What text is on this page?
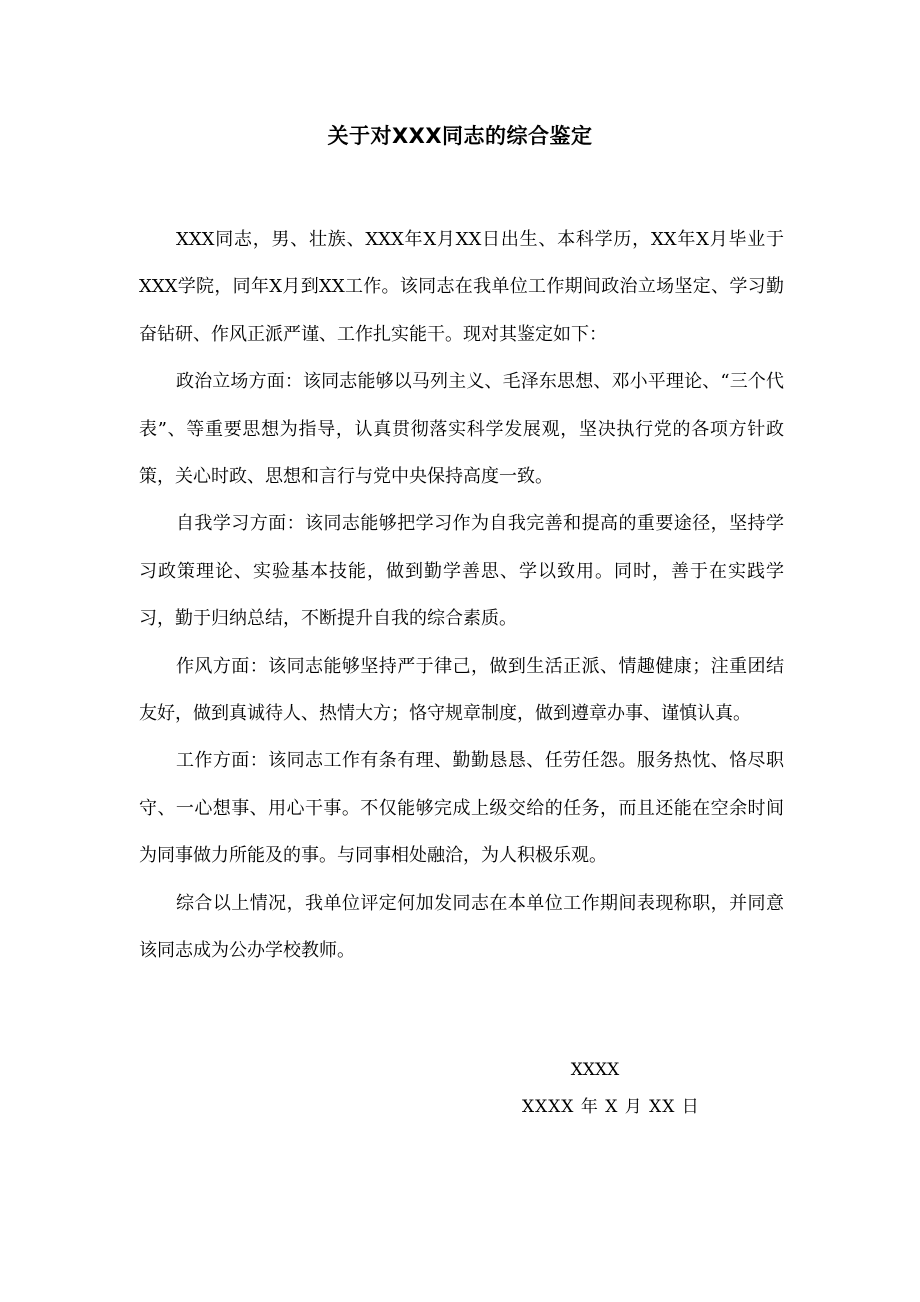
关于对XXX同志的综合鉴定

XXX同志，男、壮族、XXX年X月XX日出生、本科学历，XX年X月毕业于XXX学院，同年X月到XX工作。该同志在我单位工作期间政治立场坚定、学习勤奋钻研、作风正派严谨、工作扎实能干。现对其鉴定如下：

政治立场方面：该同志能够以马列主义、毛泽东思想、邓小平理论、“三个代表”、等重要思想为指导，认真贯彻落实科学发展观，坚决执行党的各项方针政策，关心时政、思想和言行与党中央保持高度一致。

自我学习方面：该同志能够把学习作为自我完善和提高的重要途径，坚持学习政策理论、实验基本技能，做到勤学善思、学以致用。同时，善于在实践学习，勤于归纳总结，不断提升自我的综合素质。

作风方面：该同志能够坚持严于律己，做到生活正派、情趣健康；注重团结友好，做到真诚待人、热情大方；恪守规章制度，做到遵章办事、谨慎认真。

工作方面：该同志工作有条有理、勤勤恳恳、任劳任怨。服务热忱、恪尽职守、一心想事、用心干事。不仅能够完成上级交给的任务，而且还能在空余时间为同事做力所能及的事。与同事相处融洽，为人积极乐观。

综合以上情况，我单位评定何加发同志在本单位工作期间表现称职，并同意该同志成为公办学校教师。

XXXX
XXXX 年 X 月 XX 日
